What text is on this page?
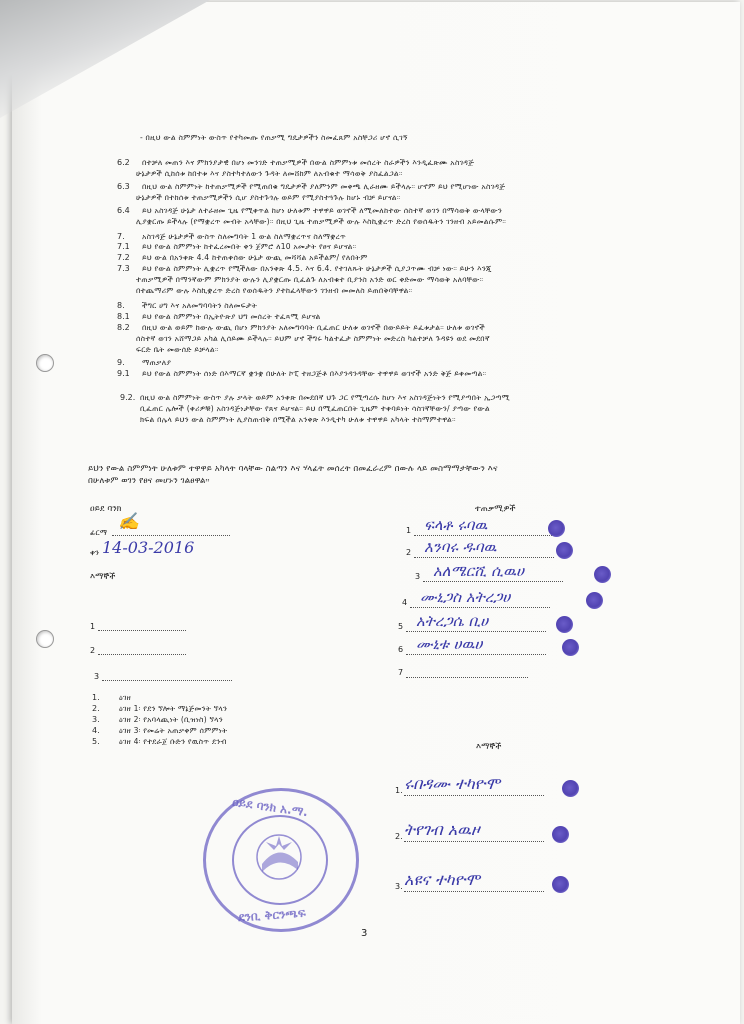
- በዚህ ውል ስምምነት ውስጥ የተካመጡ የጠቃሚ ግዴታዎችን ስመፈጸም አስቸጋሪ ሆኖ ሲገኝ
6.2 በተቻለ መጠን እና ምክንያታዊ በሆነ መንገድ ተጠቃሚዎች በውል ስምምነቱ መሰረት ስራዎችን እንዲፈጽሙ አስገዳጅ
ሁኔታዎች ሲከሰቱ ከበተቱ እና ያስተካተለውን ጉዳት ለመሸከም ለአብቁተ ማሳወቅ ያስፈልጋል።
6.3 በዚህ ውል ስምምነት ከተጠቃሚዎች የሚጠበቁ ግዴታዎች ያለምንም መቀጫ ሊራዘሙ ይችላሉ። ሆኖም ይህ የሚሆነው አስገዳጅ
ሁኔታዎች በተከሰቱ ተጠቃሚዎችን ሲሆ ያስተጉጎሉ ወይም የሚያስተጓጉሉ ከሆኑ ብቻ ይሆናል።
6.4 ይህ አስገዳጅ ሁኔታ ለተራዘመ ጊዜ የሚቀጥል ከሆነ ሁለቱም ተዋዋይ ወገኖች ለሚመለከተው ሰስተኛ ወገን በማሳወቅ ውላቸውን
ሊያቋርጡ ይችላሉ (የማቋረጥ መብት አላቸው)። በዚህ ጊዜ ተጠቃሚዎች ውሉ እስኪቋረጥ ድረስ የወሰዱትን ገንዘብ አይመልሱም።
7. አስገዳጅ ሁኔታዎች ውስጥ ስለመግባት 1 ውል ስለማቋረጥና ስለማቋረጥ
7.1 ይህ የውል ስምምነት ከተፈረመበት ቀን ጀምሮ ለ10 አመታት የፀና ይሆናል።
7.2 ይህ ውል በአንቀጽ 4.4 ከተጠቀሰው ሁኔታ ውጪ መሻሻል አይችልም/ የለበትም
7.3 ይህ የውል ስምምነት ሊቋረጥ የሚችለው በአንቀጽ 4.5. እና 6.4. የተገለጹት ሁኔታዎች ሲያጋጥሙ ብቻ ነው። ይሁን እንጂ
ተጠቃሚዎች በማንኛውም ምክንያት ውሉን ሊያቋርጡ ቢፈልጉ ለአብቁተ ቢያንስ አንድ ወር ቀድመው ማሳወቅ አለባቸው።
በተጨማሪም ውሉ እስኪቋረጥ ድረስ የወሰዱትን ያተከፈላቸውን ገንዘብ መመለስ ይጠበቅባቸዋል።
8. ችግር ሀግ እና አለመግባባትን ስለመፍታት
8.1 ይህ የውል ስምምነት በኢትዮጵያ ህግ መሰረት ተፈጻሚ ይሆናል
8.2 በዚህ ውል ወይም ከውሉ ውጪ በሆነ ምክንያት አለመግባባት ቢፈጠር ሁለቱ ወገኖች በውይይት ይፈቱታል። ሁለቱ ወገኖች
ሰስተኛ ወገን አሸማጋይ አካል ሊሰይሙ ይችላሉ። ይህም ሆኖ ችግሩ ካልተፈታ ስምምነት መድረስ ካልተቻለ ጉዳዩን ወደ መደበኛ
ፍርድ ቤት መውሰድ ይቻላል።
9. ማጠቃለያ
9.1 ይህ የውል ስምምነት ሰነድ በእማርኛ ቋንቋ በሁለት ኮፒ ተዘጋጅቶ በእያንዳንዳቸው ተዋዋይ ወገኖች አንድ ቅጅ ይቀመጣል።
9.2. በዚህ ውል ስምምነት ውስጥ ያሉ ቃላት ወይም አንቀጽ በመደበኛ ህጉ ጋር የሚጣረሱ ከሆነ እና አስገዳጅነትን የሚያጣበት ኢጋጣሚ
ቢፈጠር ሌሎች (ቀሪዎቹ) አስገዳጅነታቸው የጸና ይሆናል። ይህ በሚፈጠርበት ጊዜም ተቀባይነት ሳስገኛቸውን/ ያጣው የውል
ክፍል በሌላ ይህን ውል ስምምነት ሊያስጠብቅ በሚችል አንቀጽ እንዲተካ ሁለቱ ተዋዋይ አካላት ተስማምተዋል።
ይህን የውል ስምምነት ሁለቱም ተዋዋይ አካላት ባላቸው ስልጣን እና ሃላፊት መሰረት በመፈራረም በውሉ ላይ መስማማታቸውን እና
በሁለቱም ወገን የፀና መሆኑን ገልፀዋል።
ዐይደ ባንክ
ፊርማ
✍
ቀን 14-03-2016
እማኞች
1
2
3
ተጠቃሚዎች
1 ፍላቶ ሩባዉ
2 እንባሩ ዱባዉ
3 አለሜርሺ ሲዉሀ
4 ሙኒጋስ አትረጋሀ
5 አትረጋሴ ቢሀ
6 ሙኒቱ ሀዉሀ
7
1.	ዕገዘ
2.	ዕገዘ 1፡ የደን ኘሎት ማኔጅመንት ኘላን
3.	ዕገዘ 2፡ የአባላጪነት (ቢዝነስ) ኘላን
4.	ዕገዘ 3፡ የመሬት አጠቃቀም ሰምምነት
5.	ዕገዘ 4፡ የተደራጀ ቡድን የዉስጥ ደንብ
እማኞች
1. ሩበዳሙ ተካዮሞ
2. ትየገብ አዉዞ
3. አዩና ተካዮሞ
ዐይደ ባንክ አ.ማ.
ደንቢ ቅርንጫፍ
3
